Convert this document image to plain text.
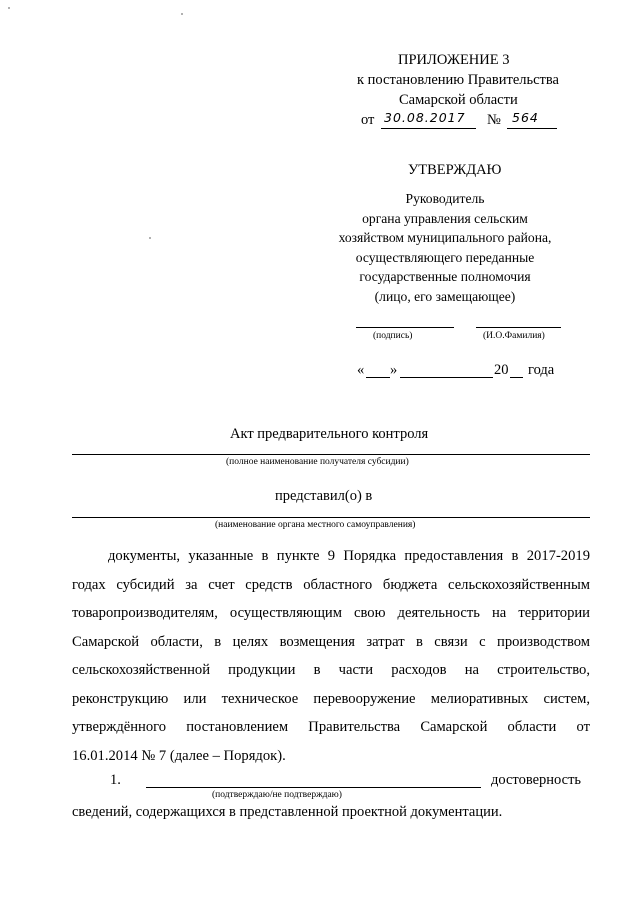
ПРИЛОЖЕНИЕ 3
к постановлению Правительства
Самарской области
от 30.08.2017 № 564
УТВЕРЖДАЮ
Руководитель
органа управления сельским
хозяйством муниципального района,
осуществляющего переданные
государственные полномочия
(лицо, его замещающее)
(подпись)	(И.О.Фамилия)
« »	20 года
Акт предварительного контроля
(полное наименование получателя субсидии)
представил(о) в
(наименование органа местного самоуправления)
документы, указанные в пункте 9 Порядка предоставления в 2017-2019
годах субсидий за счет средств областного бюджета сельскохозяйственным
товаропроизводителям, осуществляющим свою деятельность на территории
Самарской области, в целях возмещения затрат в связи с производством
сельскохозяйственной продукции в части расходов на строительство,
реконструкцию или техническое перевооружение мелиоративных систем,
утверждённого постановлением Правительства Самарской области от
16.01.2014 № 7 (далее – Порядок).
1.	достоверность
(подтверждаю/не подтверждаю)
сведений, содержащихся в представленной проектной документации.
